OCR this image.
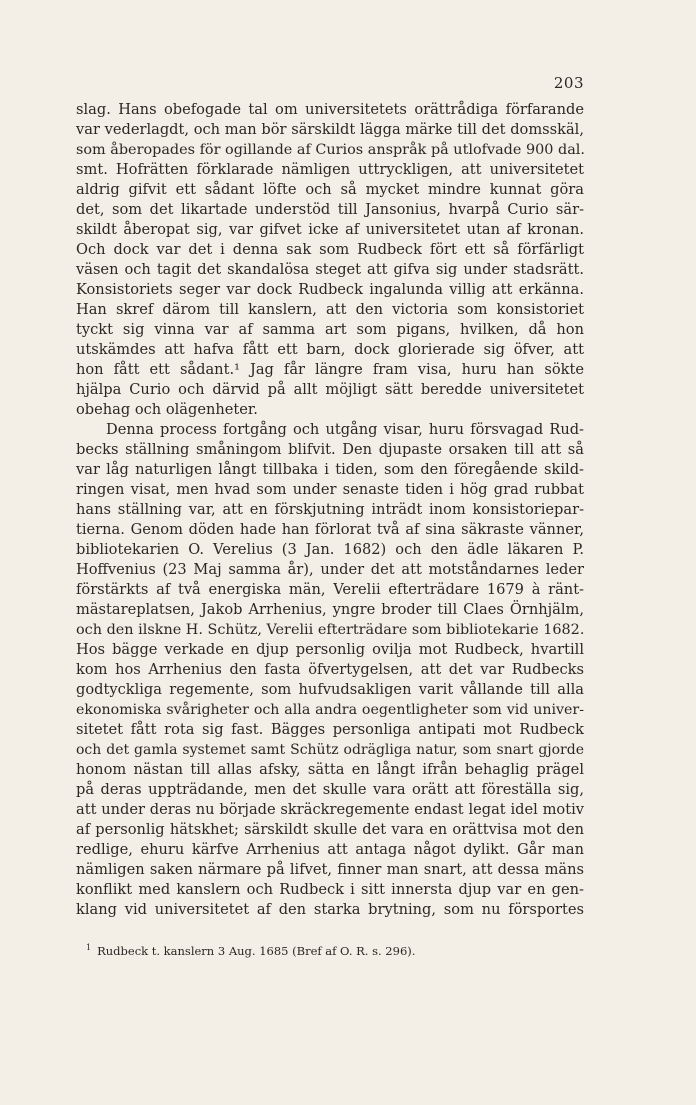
203
slag. Hans obefogade tal om universitetets orättrådiga förfarande
var vederlagdt, och man bör särskildt lägga märke till det domsskäl,
som åberopades för ogillande af Curios anspråk på utlofvade 900 dal.
smt. Hofrätten förklarade nämligen uttryckligen, att universitetet
aldrig gifvit ett sådant löfte och så mycket mindre kunnat göra
det, som det likartade understöd till Jansonius, hvarpå Curio sär-
skildt åberopat sig, var gifvet icke af universitetet utan af kronan.
Och dock var det i denna sak som Rudbeck fört ett så förfärligt
väsen och tagit det skandalösa steget att gifva sig under stadsrätt.
Konsistoriets seger var dock Rudbeck ingalunda villig att erkänna.
Han skref därom till kanslern, att den victoria som konsistoriet
tyckt sig vinna var af samma art som pigans, hvilken, då hon
utskämdes att hafva fått ett barn, dock glorierade sig öfver, att
hon fått ett sådant.¹ Jag får längre fram visa, huru han sökte
hjälpa Curio och därvid på allt möjligt sätt beredde universitetet
obehag och olägenheter.
Denna process fortgång och utgång visar, huru försvagad Rud-
becks ställning småningom blifvit. Den djupaste orsaken till att så
var låg naturligen långt tillbaka i tiden, som den föregående skild-
ringen visat, men hvad som under senaste tiden i hög grad rubbat
hans ställning var, att en förskjutning inträdt inom konsistoriepar-
tierna. Genom döden hade han förlorat två af sina säkraste vänner,
bibliotekarien O. Verelius (3 Jan. 1682) och den ädle läkaren P.
Hoffvenius (23 Maj samma år), under det att motståndarnes leder
förstärkts af två energiska män, Verelii efterträdare 1679 à ränt-
mästareplatsen, Jakob Arrhenius, yngre broder till Claes Örnhjälm,
och den ilskne H. Schütz, Verelii efterträdare som bibliotekarie 1682.
Hos bägge verkade en djup personlig ovilja mot Rudbeck, hvartill
kom hos Arrhenius den fasta öfvertygelsen, att det var Rudbecks
godtyckliga regemente, som hufvudsakligen varit vållande till alla
ekonomiska svårigheter och alla andra oegentligheter som vid univer-
sitetet fått rota sig fast. Bägges personliga antipati mot Rudbeck
och det gamla systemet samt Schütz odrägliga natur, som snart gjorde
honom nästan till allas afsky, sätta en långt ifrån behaglig prägel
på deras uppträdande, men det skulle vara orätt att föreställa sig,
att under deras nu började skräckregemente endast legat idel motiv
af personlig hätskhet; särskildt skulle det vara en orättvisa mot den
redlige, ehuru kärfve Arrhenius att antaga något dylikt. Går man
nämligen saken närmare på lifvet, finner man snart, att dessa mäns
konflikt med kanslern och Rudbeck i sitt innersta djup var en gen-
klang vid universitetet af den starka brytning, som nu försportes
$^1$ Rudbeck t. kanslern 3 Aug. 1685 (Bref af O. R. s. 296).
